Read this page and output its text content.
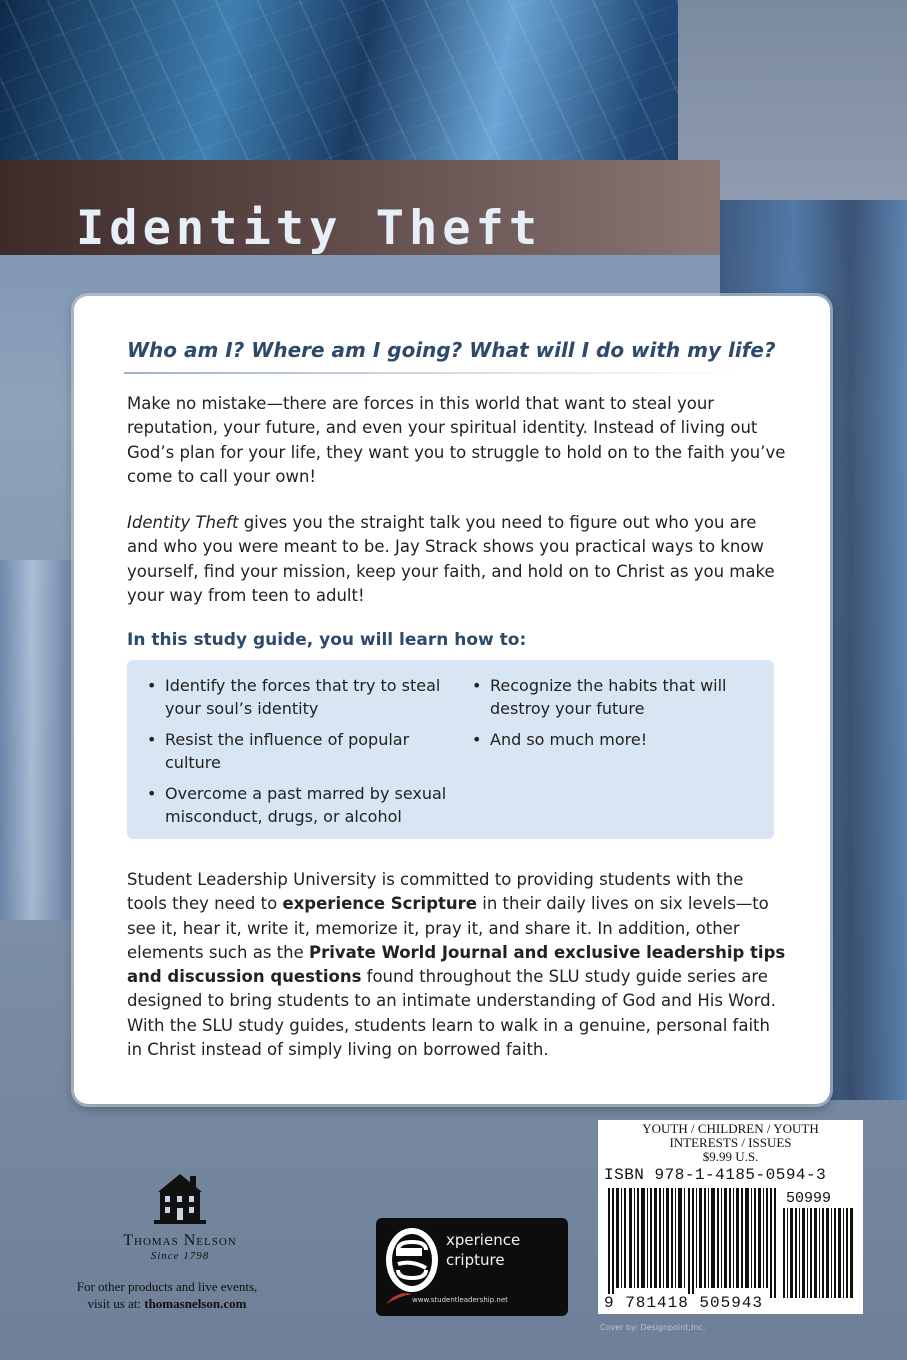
Identity Theft

Who am I? Where am I going? What will I do with my life?

Make no mistake—there are forces in this world that want to steal your reputation, your future, and even your spiritual identity. Instead of living out God’s plan for your life, they want you to struggle to hold on to the faith you’ve come to call your own!

Identity Theft gives you the straight talk you need to figure out who you are and who you were meant to be. Jay Strack shows you practical ways to know yourself, find your mission, keep your faith, and hold on to Christ as you make your way from teen to adult!

In this study guide, you will learn how to:

• Identify the forces that try to steal your soul’s identity
• Resist the influence of popular culture
• Overcome a past marred by sexual misconduct, drugs, or alcohol
• Recognize the habits that will destroy your future
• And so much more!

Student Leadership University is committed to providing students with the tools they need to experience Scripture in their daily lives on six levels—to see it, hear it, write it, memorize it, pray it, and share it. In addition, other elements such as the Private World Journal and exclusive leadership tips and discussion questions found throughout the SLU study guide series are designed to bring students to an intimate understanding of God and His Word. With the SLU study guides, students learn to walk in a genuine, personal faith in Christ instead of simply living on borrowed faith.

YOUTH / CHILDREN / YOUTH
INTERESTS / ISSUES
$9.99 U.S.

ISBN 978-1-4185-0594-3

50999

9 781418 505943

Cover by: Designpoint,Inc.

Thomas Nelson

Since 1798

For other products and live events,
visit us at: thomasnelson.com

xperience
cripture

www.studentleadership.net
